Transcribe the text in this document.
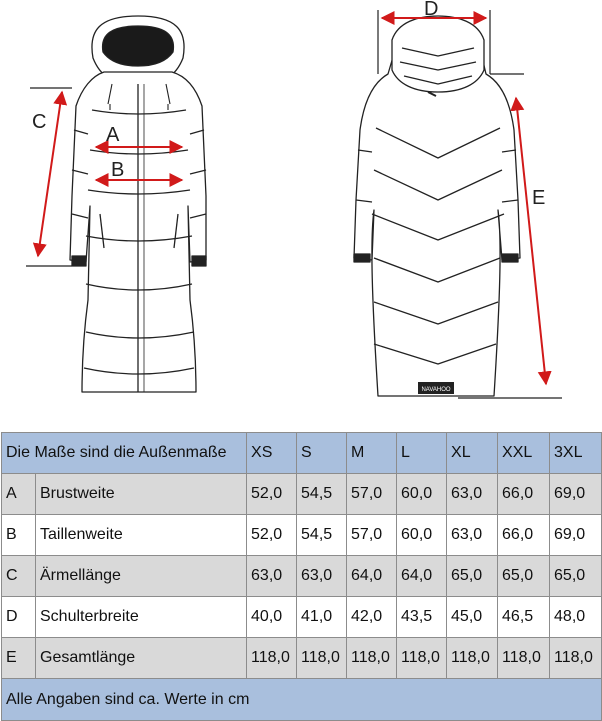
NAVAHOO
A
B
C
D
E
Die Maße sind die Außenmaße		XS	S	M	L	XL	XXL	3XL
A	Brustweite	52,0	54,5	57,0	60,0	63,0	66,0	69,0
B	Taillenweite	52,0	54,5	57,0	60,0	63,0	66,0	69,0
C	Ärmellänge	63,0	63,0	64,0	64,0	65,0	65,0	65,0
D	Schulterbreite	40,0	41,0	42,0	43,5	45,0	46,5	48,0
E	Gesamtlänge	118,0	118,0	118,0	118,0	118,0	118,0	118,0
Alle Angaben sind ca. Werte in cm								
